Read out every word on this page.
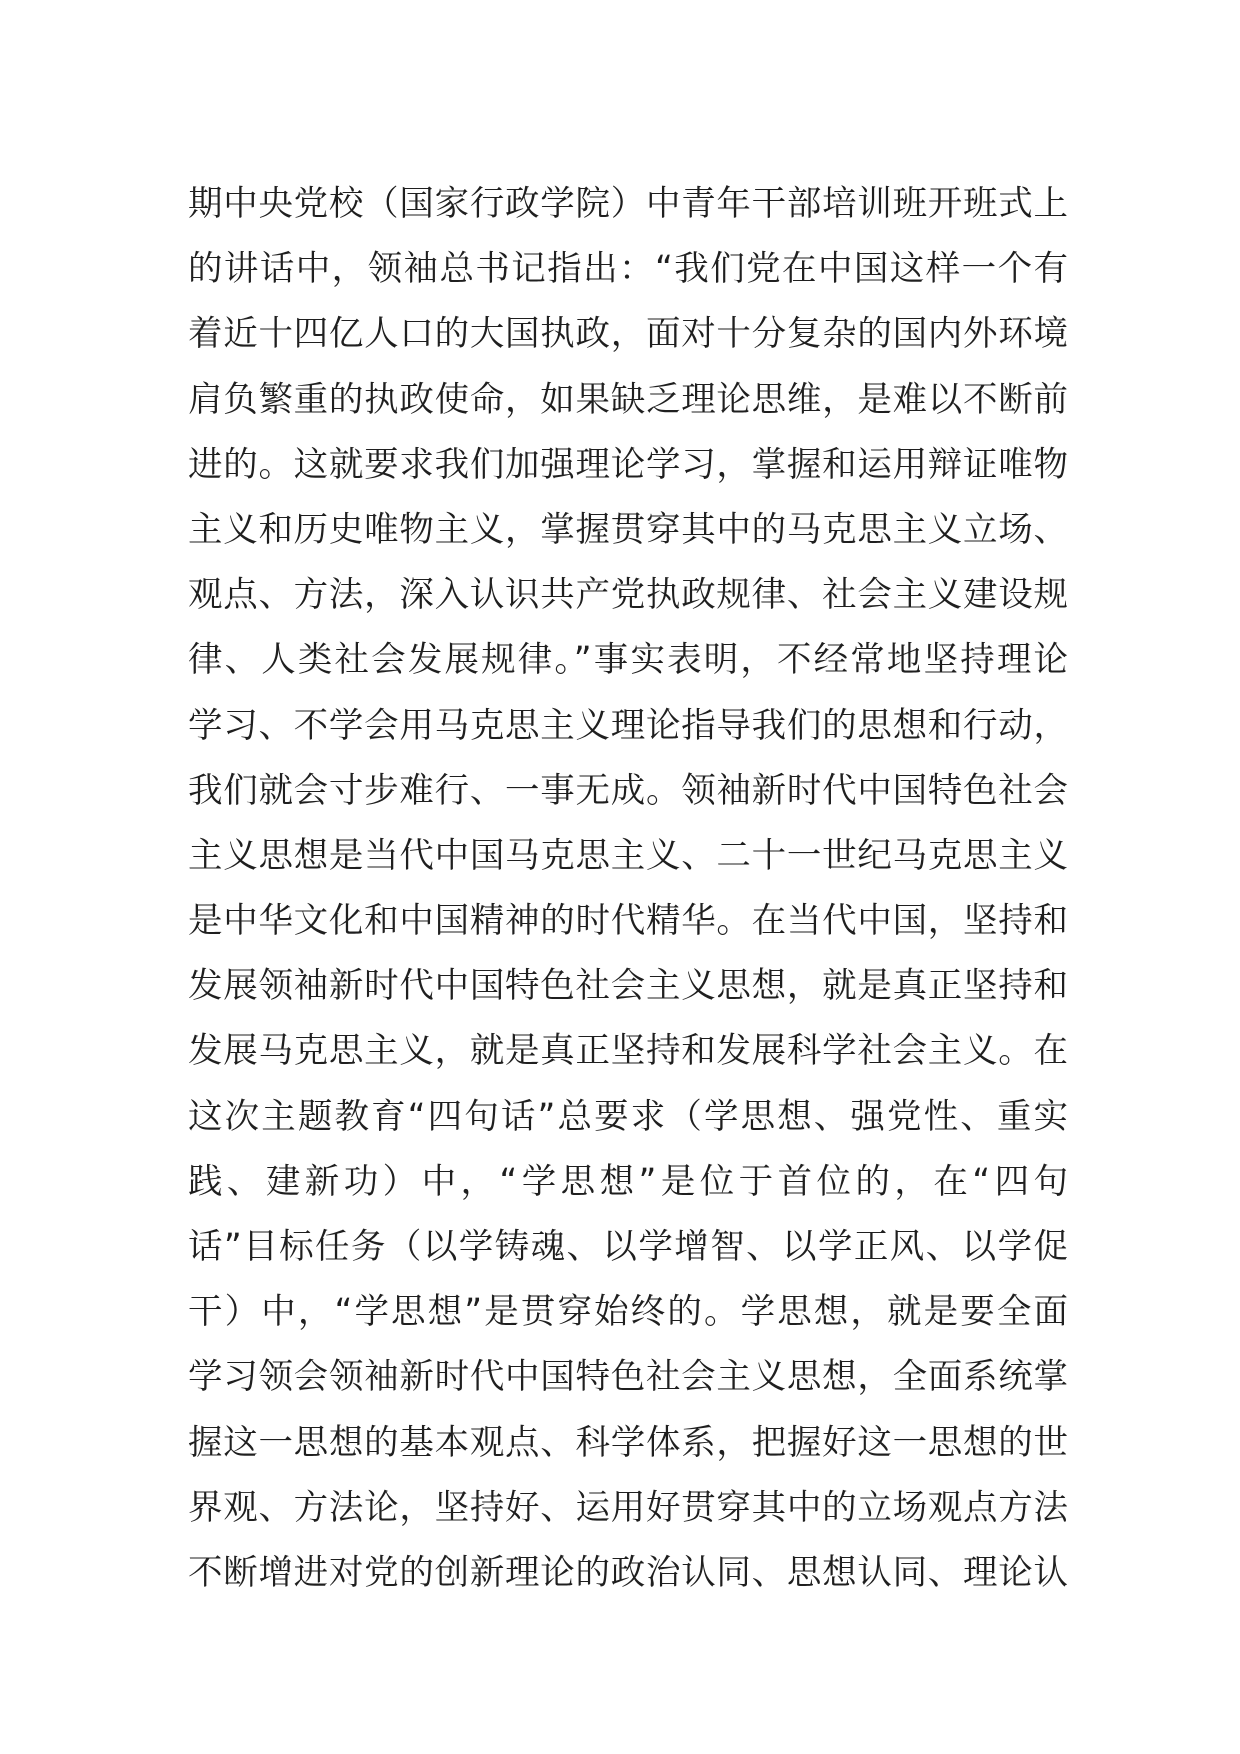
期中央党校（国家行政学院）中青年干部培训班开班式上
的讲话中，领袖总书记指出：“我们党在中国这样一个有
着近十四亿人口的大国执政，面对十分复杂的国内外环境
肩负繁重的执政使命，如果缺乏理论思维，是难以不断前
进的。这就要求我们加强理论学习，掌握和运用辩证唯物
主义和历史唯物主义，掌握贯穿其中的马克思主义立场、
观点、方法，深入认识共产党执政规律、社会主义建设规
律、人类社会发展规律。”事实表明，不经常地坚持理论
学习、不学会用马克思主义理论指导我们的思想和行动，
我们就会寸步难行、一事无成。领袖新时代中国特色社会
主义思想是当代中国马克思主义、二十一世纪马克思主义
是中华文化和中国精神的时代精华。在当代中国，坚持和
发展领袖新时代中国特色社会主义思想，就是真正坚持和
发展马克思主义，就是真正坚持和发展科学社会主义。在
这次主题教育“四句话”总要求（学思想、强党性、重实
践、建新功）中，“学思想”是位于首位的，在“四句
话”目标任务（以学铸魂、以学增智、以学正风、以学促
干）中，“学思想”是贯穿始终的。学思想，就是要全面
学习领会领袖新时代中国特色社会主义思想，全面系统掌
握这一思想的基本观点、科学体系，把握好这一思想的世
界观、方法论，坚持好、运用好贯穿其中的立场观点方法
不断增进对党的创新理论的政治认同、思想认同、理论认
